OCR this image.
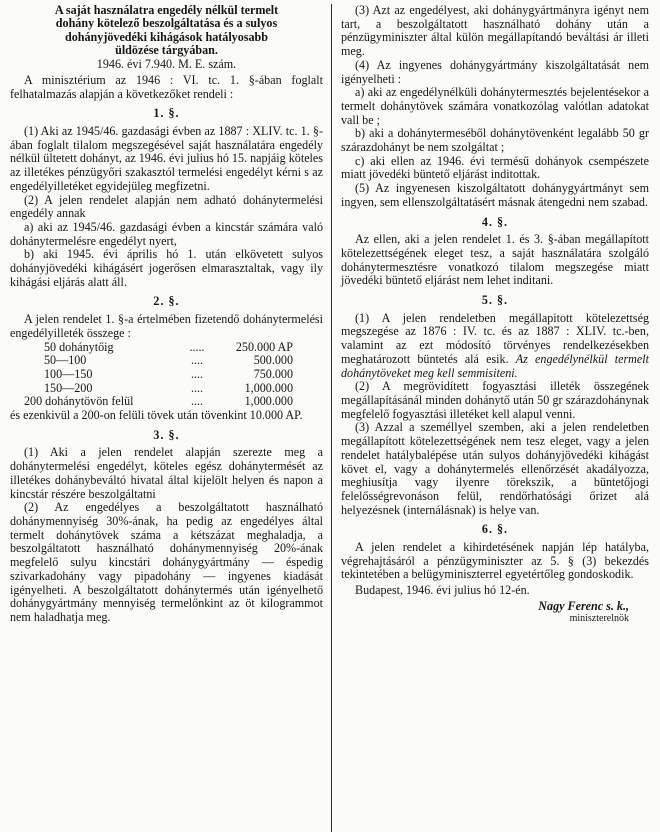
A saját használatra engedély nélkül termelt
dohány kötelező beszolgáltatása és a sulyos
dohányjövedéki kihágások hatályosabb
üldözése tárgyában.

1946. évi 7.940. M. E. szám.

A minisztérium az 1946 : VI. tc. 1. §-ában foglalt felhatalmazás alapján a következőket rendeli :

1. §.

(1) Aki az 1945/46. gazdasági évben az 1887 : XLIV. tc. 1. §-ában foglalt tilalom megszegésével saját használatára engedély nélkül ültetett dohányt, az 1946. évi julius hó 15. napjáig köteles az illetékes pénzügyőri szakasztól termelési engedélyt kérni s az engedélyilletéket egyidejüleg megfizetni.

(2) A jelen rendelet alapján nem adható dohánytermelési engedély annak

a) aki az 1945/46. gazdasági évben a kincstár számára való dohánytermelésre engedélyt nyert,

b) aki 1945. évi április hó 1. után elkövetett sulyos dohányjövedéki kihágásért jogerősen elmarasztaltak, vagy ily kihágási eljárás alatt áll.

2. §.

A jelen rendelet 1. §-a értelmében fizetendő dohánytermelési engedélyilleték összege :

50 dohánytőig	.....	250.000 AP
50—100	....	500.000
100—150	....	750.000
150—200	....	1,000.000
200 dohánytövön felül	....	1,000.000

és ezenkivül a 200-on felüli tövek után tövenkint 10.000 AP.

3. §.

(1) Aki a jelen rendelet alapján szerezte meg a dohánytermelési engedélyt, köteles egész dohánytermését az illetékes dohánybeváltó hivatal által kijelölt helyen és napon a kincstár részére beszolgáltatni

(2) Az engedélyes a beszolgáltatott használható dohánymennyiség 30%-ának, ha pedig az engedélyes által termelt dohánytövek száma a kétszázat meghaladja, a beszolgáltatott használható dohánymennyiség 20%-ának megfelelő sulyu kincstári dohánygyártmány — éspedig szivarkadohány vagy pipadohány — ingyenes kiadását igényelheti. A beszolgáltatott dohánytermés után igényelhető dohánygyártmány mennyiség termelőnkint az öt kilogrammot nem haladhatja meg.

(3) Azt az engedélyest, aki dohánygyártmányra igényt nem tart, a beszolgáltatott használható dohány után a pénzügyminiszter által külön megállapítandó beváltási ár illeti meg.

(4) Az ingyenes dohánygyártmány kiszolgáltatását nem igényelheti :

a) aki az engedélynélküli dohánytermesztés bejelentésekor a termelt dohánytövek számára vonatkozólag valótlan adatokat vall be ;

b) aki a dohánytermeséből dohánytövenként legalább 50 gr szárazdohányt be nem szolgáltat ;

c) aki ellen az 1946. évi termésű dohányok csempészete miatt jövedéki büntető eljárást inditottak.

(5) Az ingyenesen kiszolgáltatott dohánygyártmányt sem ingyen, sem ellenszolgáltatásért másnak átengedni nem szabad.

4. §.

Az ellen, aki a jelen rendelet 1. és 3. §-ában megállapított kötelezettségének eleget tesz, a saját használatára szolgáló dohánytermesztésre vonatkozó tilalom megszegése miatt jövedéki büntető eljárást nem lehet inditani.

5. §.

(1) A jelen rendeletben megállapitott kötelezettség megszegése az 1876 : IV. tc. és az 1887 : XLIV. tc.-ben, valamint az ezt módosító törvényes rendelkezésekben meghatározott büntetés alá esik. Az engedélynélkül termelt dohánytöveket meg kell semmisiteni.

(2) A megrövidített fogyasztási illeték összegének megállapításánál minden dohánytő után 50 gr szárazdohánynak megfelelő fogyasztási illetéket kell alapul venni.

(3) Azzal a személlyel szemben, aki a jelen rendeletben megállapított kötelezettségének nem tesz eleget, vagy a jelen rendelet hatálybalépése után sulyos dohányjövedéki kihágást követ el, vagy a dohánytermelés ellenőrzését akadályozza, meghiusítja vagy ilyenre törekszik, a büntetőjogi felelősségrevonáson felül, rendőrhatósági őrizet alá helyezésnek (internálásnak) is helye van.

6. §.

A jelen rendelet a kihirdetésének napján lép hatályba, végrehajtásáról a pénzügyminiszter az 5. § (3) bekezdés tekintetében a belügyminiszterrel egyetértőleg gondoskodik.

Budapest, 1946. évi julius hó 12-én.

Nagy Ferenc s. k.,

miniszterelnök
